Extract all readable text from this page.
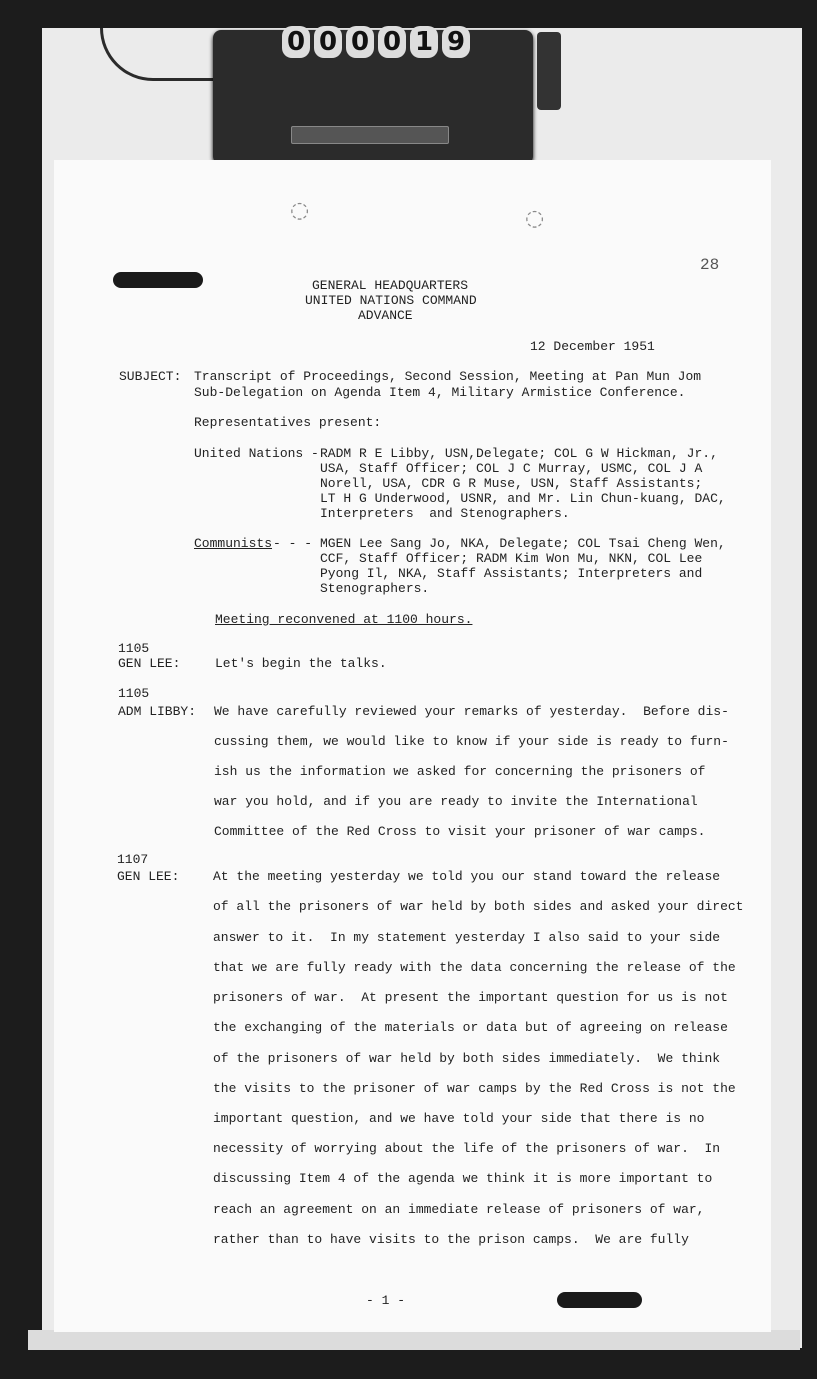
0 0 0 0 1 9
◌	◌
28
GENERAL HEADQUARTERS
UNITED NATIONS COMMAND
ADVANCE
12 December 1951
SUBJECT: Transcript of Proceedings, Second Session, Meeting at Pan Mun Jom
Sub-Delegation on Agenda Item 4, Military Armistice Conference.
Representatives present:
United Nations - RADM R E Libby, USN,Delegate; COL G W Hickman, Jr.,
USA, Staff Officer; COL J C Murray, USMC, COL J A
Norell, USA, CDR G R Muse, USN, Staff Assistants;
LT H G Underwood, USNR, and Mr. Lin Chun-kuang, DAC,
Interpreters  and Stenographers.
Communists - - - MGEN Lee Sang Jo, NKA, Delegate; COL Tsai Cheng Wen,
CCF, Staff Officer; RADM Kim Won Mu, NKN, COL Lee
Pyong Il, NKA, Staff Assistants; Interpreters and
Stenographers.
Meeting reconvened at 1100 hours.
1105
GEN LEE:	Let's begin the talks.
1105
ADM LIBBY: We have carefully reviewed your remarks of yesterday.  Before dis-
cussing them, we would like to know if your side is ready to furn-
ish us the information we asked for concerning the prisoners of
war you hold, and if you are ready to invite the International
Committee of the Red Cross to visit your prisoner of war camps.
1107
GEN LEE:	At the meeting yesterday we told you our stand toward the release
of all the prisoners of war held by both sides and asked your direct
answer to it.  In my statement yesterday I also said to your side
that we are fully ready with the data concerning the release of the
prisoners of war.  At present the important question for us is not
the exchanging of the materials or data but of agreeing on release
of the prisoners of war held by both sides immediately.  We think
the visits to the prisoner of war camps by the Red Cross is not the
important question, and we have told your side that there is no
necessity of worrying about the life of the prisoners of war.  In
discussing Item 4 of the agenda we think it is more important to
reach an agreement on an immediate release of prisoners of war,
rather than to have visits to the prison camps.  We are fully
- 1 -
